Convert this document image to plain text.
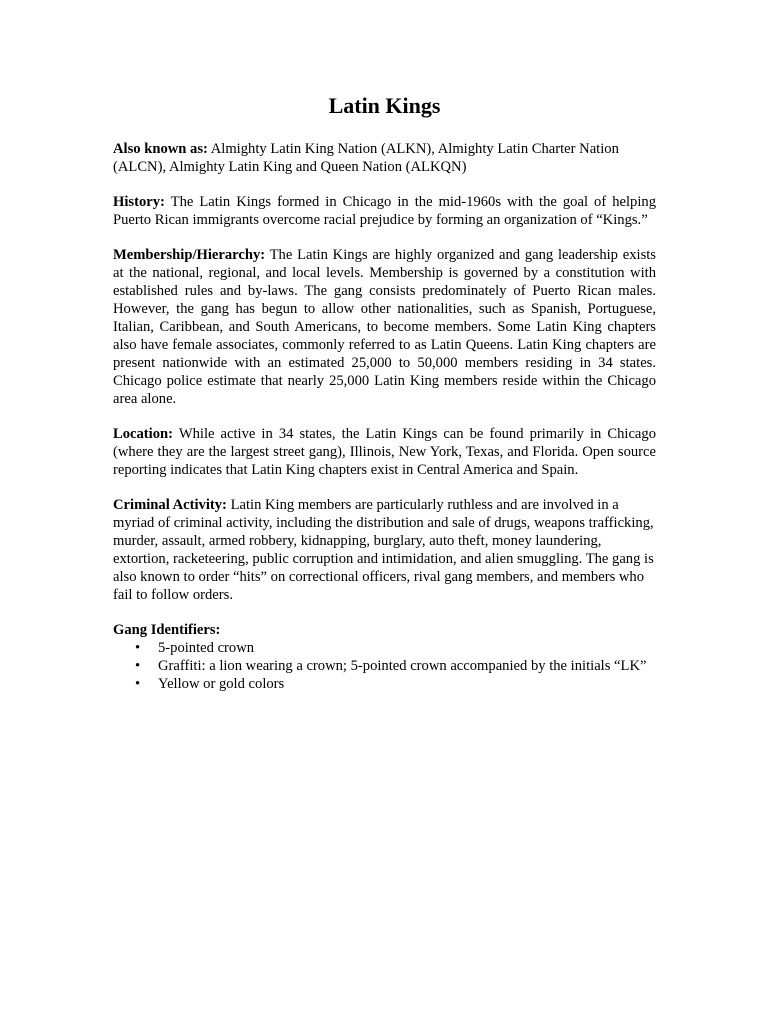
Latin Kings

Also known as: Almighty Latin King Nation (ALKN), Almighty Latin Charter Nation (ALCN), Almighty Latin King and Queen Nation (ALKQN)

History: The Latin Kings formed in Chicago in the mid-1960s with the goal of helping Puerto Rican immigrants overcome racial prejudice by forming an organization of “Kings.”

Membership/Hierarchy: The Latin Kings are highly organized and gang leadership exists at the national, regional, and local levels. Membership is governed by a constitution with established rules and by-laws. The gang consists predominately of Puerto Rican males. However, the gang has begun to allow other nationalities, such as Spanish, Portuguese, Italian, Caribbean, and South Americans, to become members. Some Latin King chapters also have female associates, commonly referred to as Latin Queens. Latin King chapters are present nationwide with an estimated 25,000 to 50,000 members residing in 34 states. Chicago police estimate that nearly 25,000 Latin King members reside within the Chicago area alone.

Location: While active in 34 states, the Latin Kings can be found primarily in Chicago (where they are the largest street gang), Illinois, New York, Texas, and Florida. Open source reporting indicates that Latin King chapters exist in Central America and Spain.

Criminal Activity: Latin King members are particularly ruthless and are involved in a myriad of criminal activity, including the distribution and sale of drugs, weapons trafficking, murder, assault, armed robbery, kidnapping, burglary, auto theft, money laundering, extortion, racketeering, public corruption and intimidation, and alien smuggling. The gang is also known to order “hits” on correctional officers, rival gang members, and members who fail to follow orders.

Gang Identifiers:

• 5-pointed crown
• Graffiti: a lion wearing a crown; 5-pointed crown accompanied by the initials “LK”
• Yellow or gold colors
